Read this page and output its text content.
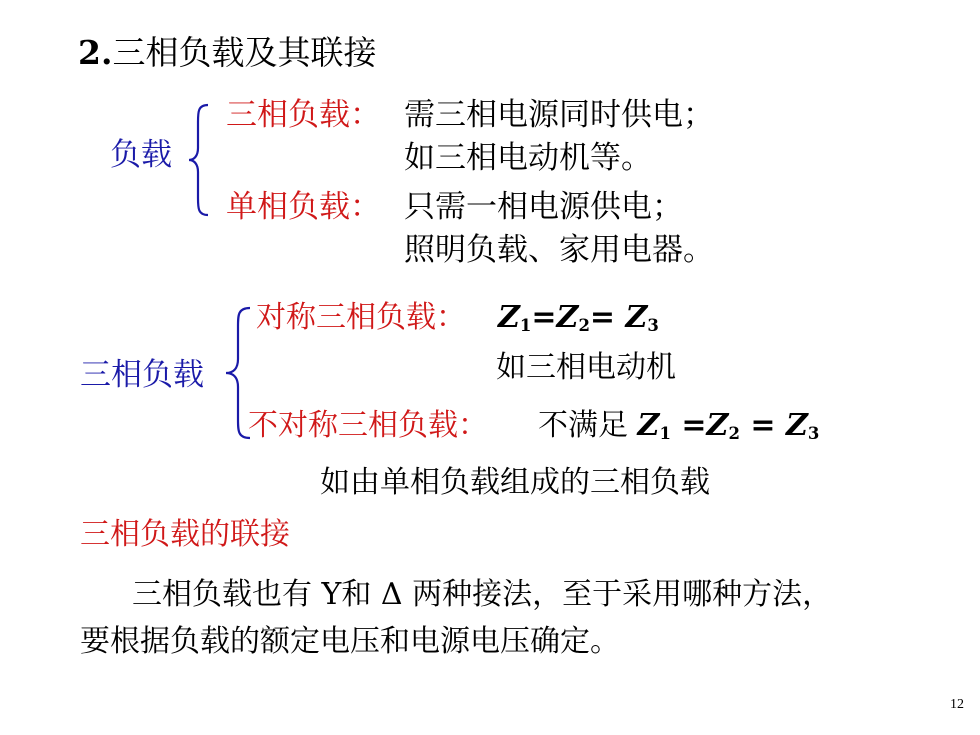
2.三相负载及其联接
负载
三相负载： 需三相电源同时供电；
如三相电动机等。
单相负载： 只需一相电源供电；
照明负载、家用电器。
三相负载
对称三相负载： $Z_1=Z_2= Z_3$
如三相电动机
不对称三相负载： 不满足 $Z_1 =Z_2 = Z_3$
如由单相负载组成的三相负载
三相负载的联接
三相负载也有 Y和 Δ 两种接法，至于采用哪种方法，
要根据负载的额定电压和电源电压确定。
12
